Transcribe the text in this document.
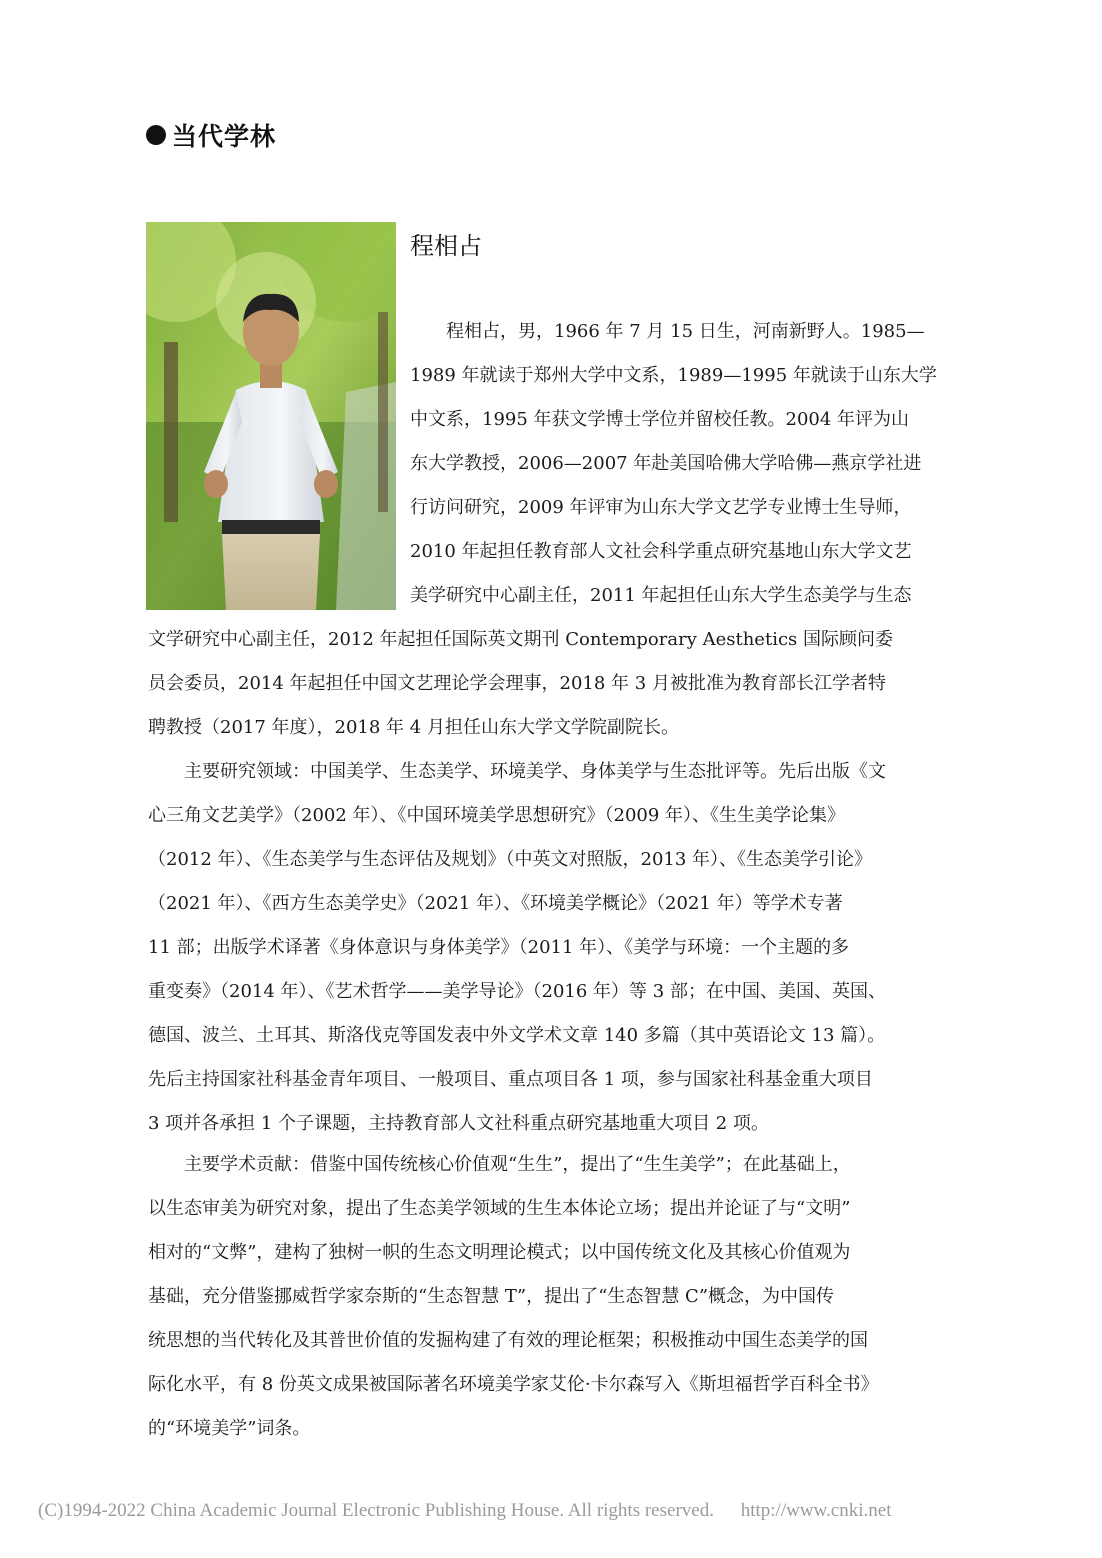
当代学林
程相占
　　程相占，男，1966 年 7 月 15 日生，河南新野人。1985—
1989 年就读于郑州大学中文系，1989—1995 年就读于山东大学
中文系，1995 年获文学博士学位并留校任教。2004 年评为山
东大学教授，2006—2007 年赴美国哈佛大学哈佛—燕京学社进
行访问研究，2009 年评审为山东大学文艺学专业博士生导师，
2010 年起担任教育部人文社会科学重点研究基地山东大学文艺
美学研究中心副主任，2011 年起担任山东大学生态美学与生态
文学研究中心副主任，2012 年起担任国际英文期刊 Contemporary Aesthetics 国际顾问委
员会委员，2014 年起担任中国文艺理论学会理事，2018 年 3 月被批准为教育部长江学者特
聘教授（2017 年度），2018 年 4 月担任山东大学文学院副院长。
　　主要研究领域：中国美学、生态美学、环境美学、身体美学与生态批评等。先后出版《文
心三角文艺美学》（2002 年）、《中国环境美学思想研究》（2009 年）、《生生美学论集》
（2012 年）、《生态美学与生态评估及规划》（中英文对照版，2013 年）、《生态美学引论》
（2021 年）、《西方生态美学史》（2021 年）、《环境美学概论》（2021 年）等学术专著
11 部；出版学术译著《身体意识与身体美学》（2011 年）、《美学与环境：一个主题的多
重变奏》（2014 年）、《艺术哲学——美学导论》（2016 年）等 3 部；在中国、美国、英国、
德国、波兰、土耳其、斯洛伐克等国发表中外文学术文章 140 多篇（其中英语论文 13 篇）。
先后主持国家社科基金青年项目、一般项目、重点项目各 1 项，参与国家社科基金重大项目
3 项并各承担 1 个子课题，主持教育部人文社科重点研究基地重大项目 2 项。
　　主要学术贡献：借鉴中国传统核心价值观“生生”，提出了“生生美学”；在此基础上，
以生态审美为研究对象，提出了生态美学领域的生生本体论立场；提出并论证了与“文明”
相对的“文弊”，建构了独树一帜的生态文明理论模式；以中国传统文化及其核心价值观为
基础，充分借鉴挪威哲学家奈斯的“生态智慧 T”，提出了“生态智慧 C”概念，为中国传
统思想的当代转化及其普世价值的发掘构建了有效的理论框架；积极推动中国生态美学的国
际化水平，有 8 份英文成果被国际著名环境美学家艾伦·卡尔森写入《斯坦福哲学百科全书》
的“环境美学”词条。
(C)1994-2022 China Academic Journal Electronic Publishing House. All rights reserved. http://www.cnki.net
